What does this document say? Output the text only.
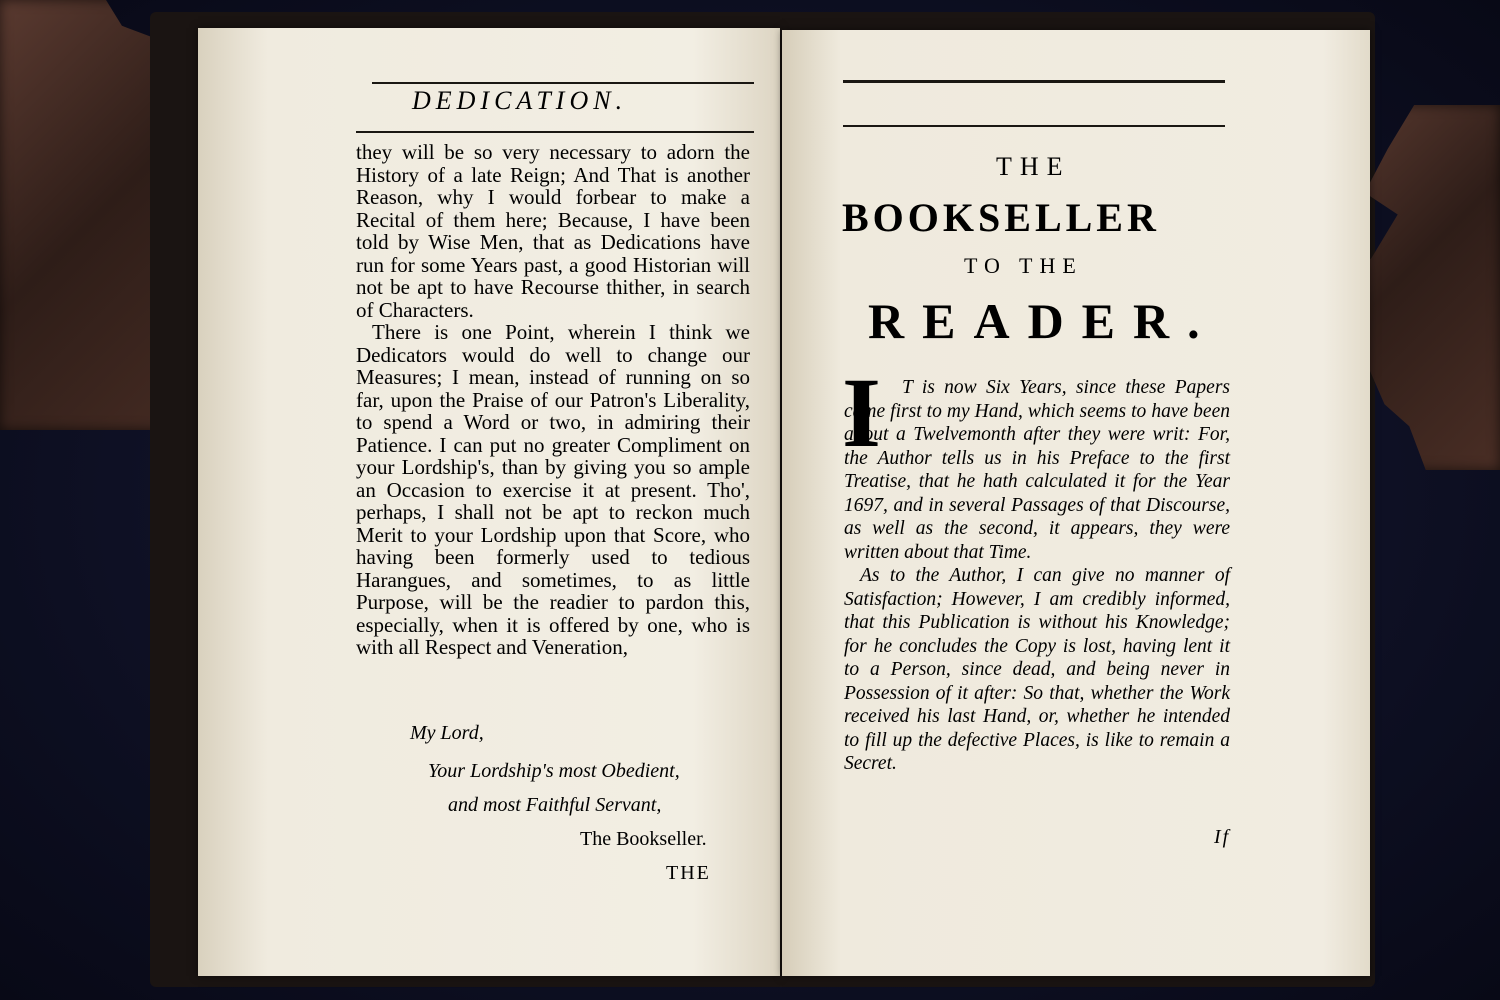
DEDICATION.

they will be so very necessary to adorn the History of a late Reign; And That is another Reason, why I would forbear to make a Recital of them here; Because, I have been told by Wise Men, that as Dedications have run for some Years past, a good Historian will not be apt to have Recourse thither, in search of Characters.

There is one Point, wherein I think we Dedicators would do well to change our Measures; I mean, instead of running on so far, upon the Praise of our Patron's Liberality, to spend a Word or two, in admiring their Patience. I can put no greater Compliment on your Lordship's, than by giving you so ample an Occasion to exercise it at present. Tho', perhaps, I shall not be apt to reckon much Merit to your Lordship upon that Score, who having been formerly used to tedious Harangues, and sometimes, to as little Purpose, will be the readier to pardon this, especially, when it is offered by one, who is with all Respect and Veneration,

My Lord,
Your Lordship's most Obedient,
and most Faithful Servant,
The Bookseller.
THE
THE
BOOKSELLER
TO THE
READER.
I	T is now Six Years, since these Papers came first to my Hand, which seems to have been about a Twelvemonth after they were writ: For, the Author tells us in his Preface to the first Treatise, that he hath calculated it for the Year 1697, and in several Passages of that Discourse, as well as the second, it appears, they were written about that Time.

As to the Author, I can give no manner of Satisfaction; However, I am credibly informed, that this Publication is without his Knowledge; for he concludes the Copy is lost, having lent it to a Person, since dead, and being never in Possession of it after: So that, whether the Work received his last Hand, or, whether he intended to fill up the defective Places, is like to remain a Secret.

If
